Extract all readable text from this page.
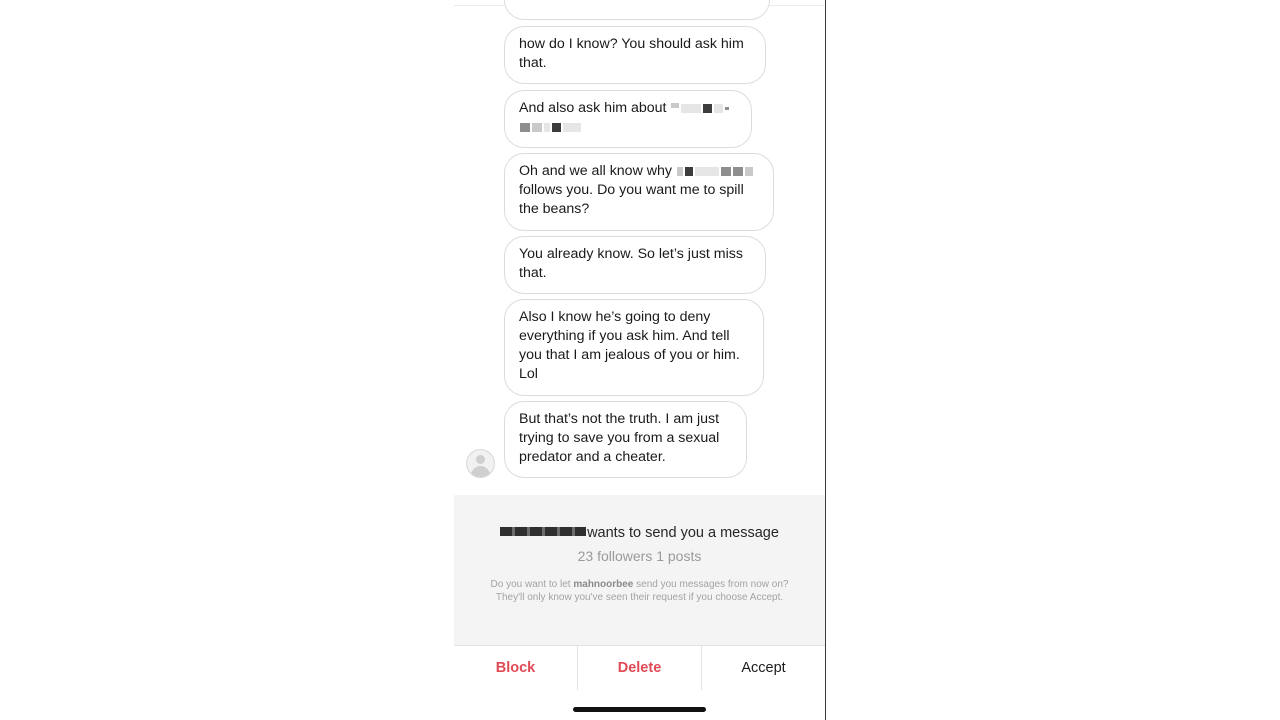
how do I know? You should ask him that.
And also ask him about

Oh and we all know why  follows you. Do you want me to spill the beans?
You already know. So let’s just miss that.
Also I know he’s going to deny everything if you ask him. And tell you that I am jealous of you or him. Lol
But that’s not the truth. I am just trying to save you from a sexual predator and a cheater.
wants to send you a message
23 followers 1 posts
Do you want to let mahnoorbee send you messages from now on? They'll only know you've seen their request if you choose Accept.
Block	Delete	Accept
